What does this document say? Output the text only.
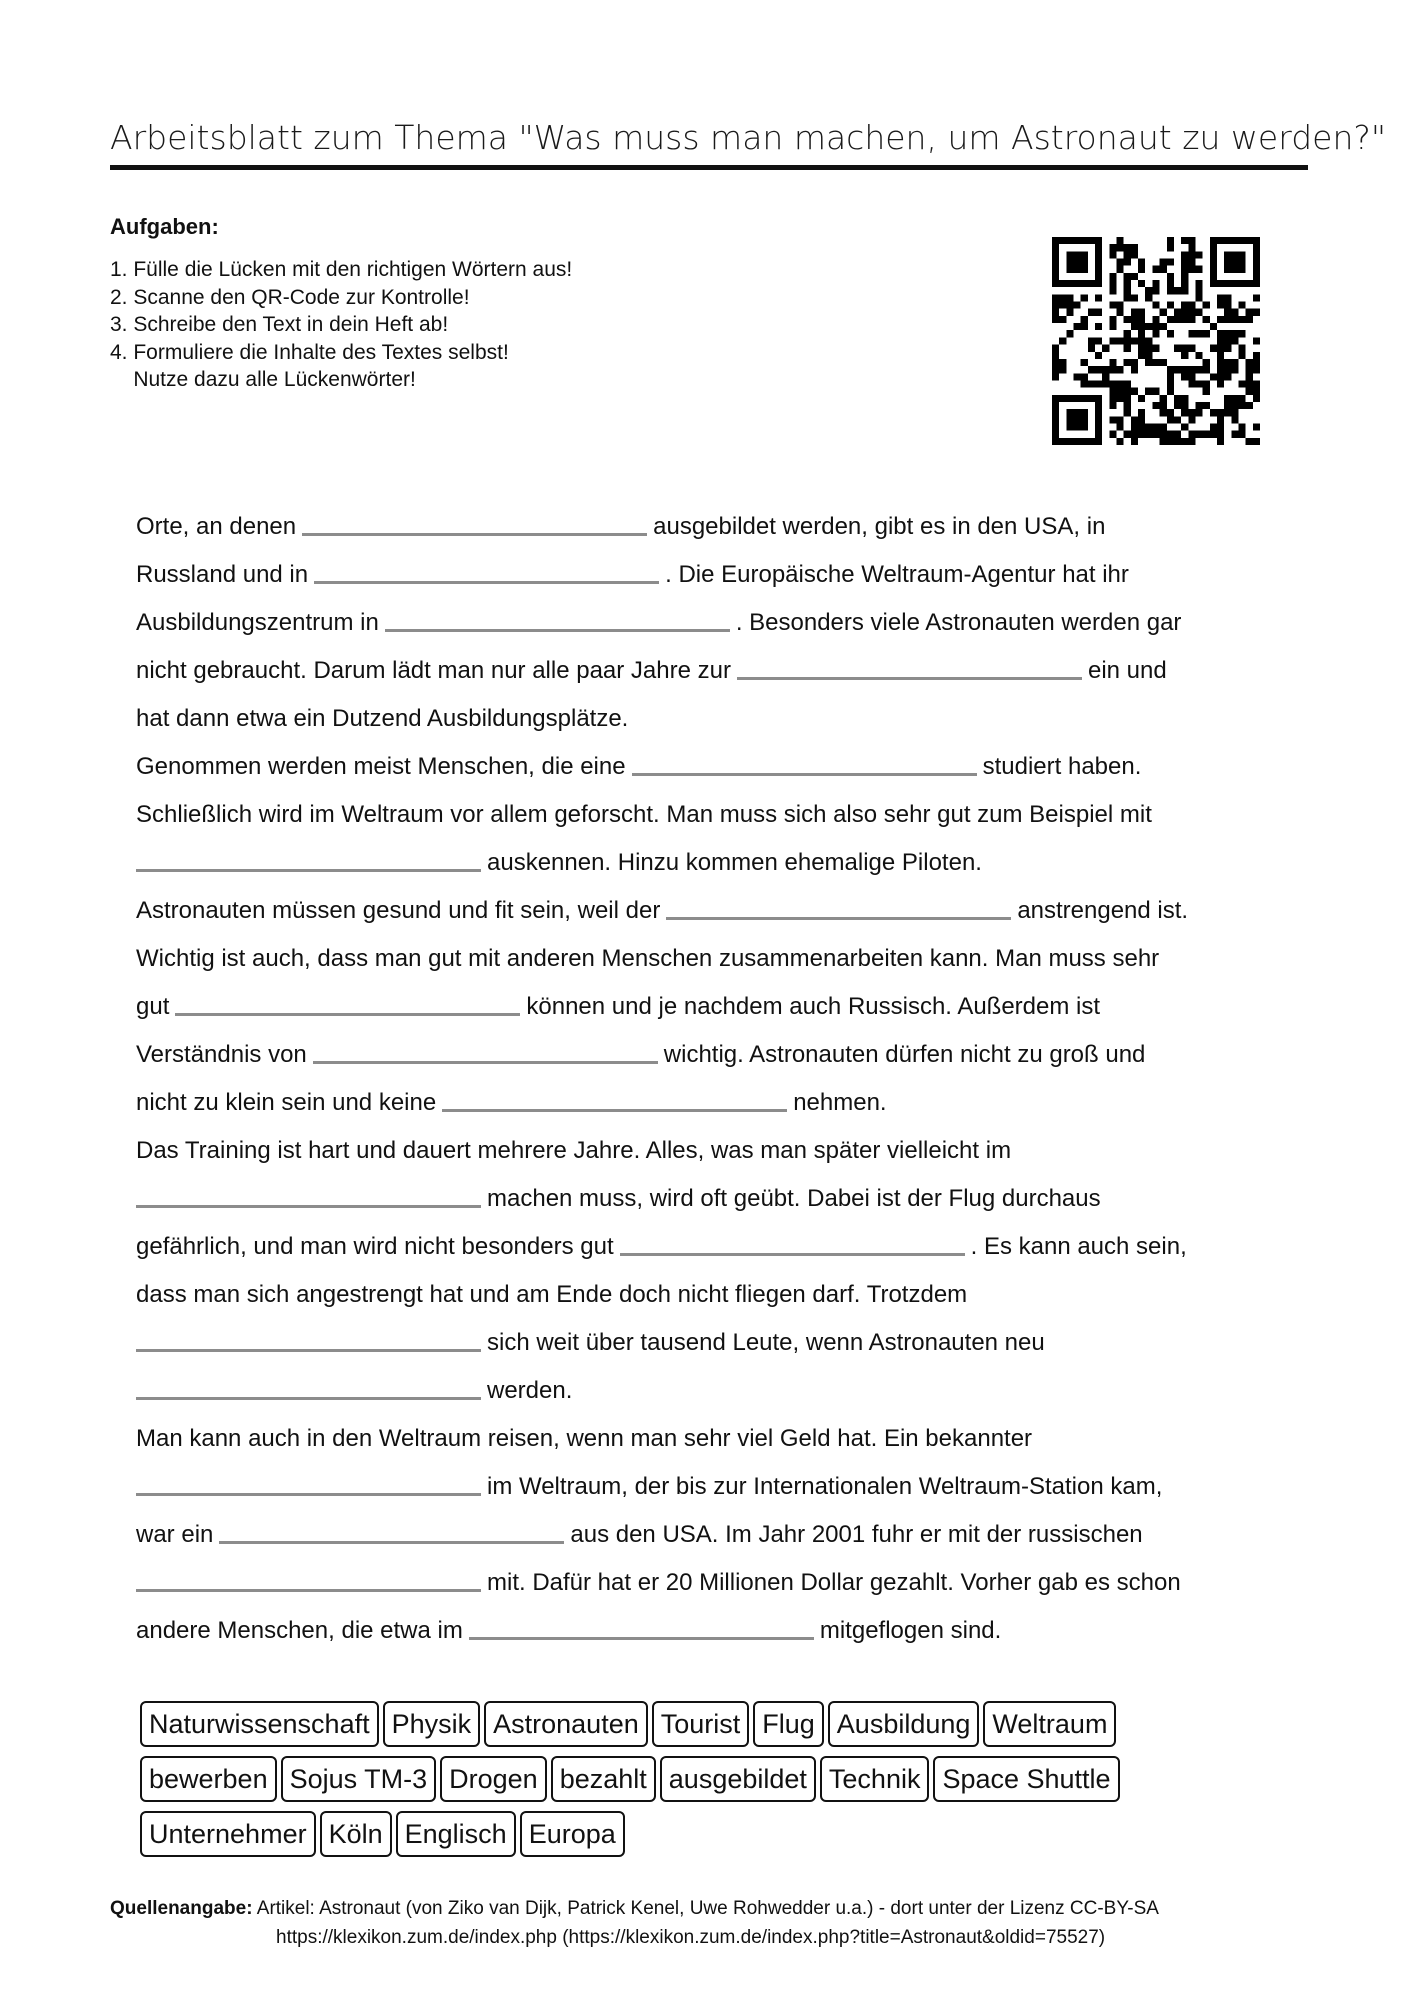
Arbeitsblatt zum Thema "Was muss man machen, um Astronaut zu werden?"
Aufgaben:
1. Fülle die Lücken mit den richtigen Wörtern aus!
2. Scanne den QR-Code zur Kontrolle!
3. Schreibe den Text in dein Heft ab!
4. Formuliere die Inhalte des Textes selbst!
Nutze dazu alle Lückenwörter!
Orte, an denen	ausgebildet werden, gibt es in den USA, in
Russland und in	. Die Europäische Weltraum-Agentur hat ihr
Ausbildungszentrum in	. Besonders viele Astronauten werden gar
nicht gebraucht. Darum lädt man nur alle paar Jahre zur	ein und
hat dann etwa ein Dutzend Ausbildungsplätze.
Genommen werden meist Menschen, die eine	studiert haben.
Schließlich wird im Weltraum vor allem geforscht. Man muss sich also sehr gut zum Beispiel mit
auskennen. Hinzu kommen ehemalige Piloten.
Astronauten müssen gesund und fit sein, weil der	anstrengend ist.
Wichtig ist auch, dass man gut mit anderen Menschen zusammenarbeiten kann. Man muss sehr
gut	können und je nachdem auch Russisch. Außerdem ist
Verständnis von	wichtig. Astronauten dürfen nicht zu groß und
nicht zu klein sein und keine	nehmen.
Das Training ist hart und dauert mehrere Jahre. Alles, was man später vielleicht im
machen muss, wird oft geübt. Dabei ist der Flug durchaus
gefährlich, und man wird nicht besonders gut	. Es kann auch sein,
dass man sich angestrengt hat und am Ende doch nicht fliegen darf. Trotzdem
sich weit über tausend Leute, wenn Astronauten neu
werden.
Man kann auch in den Weltraum reisen, wenn man sehr viel Geld hat. Ein bekannter
im Weltraum, der bis zur Internationalen Weltraum-Station kam,
war ein	aus den USA. Im Jahr 2001 fuhr er mit der russischen
mit. Dafür hat er 20 Millionen Dollar gezahlt. Vorher gab es schon
andere Menschen, die etwa im	mitgeflogen sind.
Naturwissenschaft Physik Astronauten Tourist Flug Ausbildung Weltraum
bewerben Sojus TM-3 Drogen bezahlt ausgebildet Technik Space Shuttle
Unternehmer Köln Englisch Europa
Quellenangabe: Artikel: Astronaut (von Ziko van Dijk, Patrick Kenel, Uwe Rohwedder u.a.) - dort unter der Lizenz CC-BY-SA
https://klexikon.zum.de/index.php (https://klexikon.zum.de/index.php?title=Astronaut&oldid=75527)
